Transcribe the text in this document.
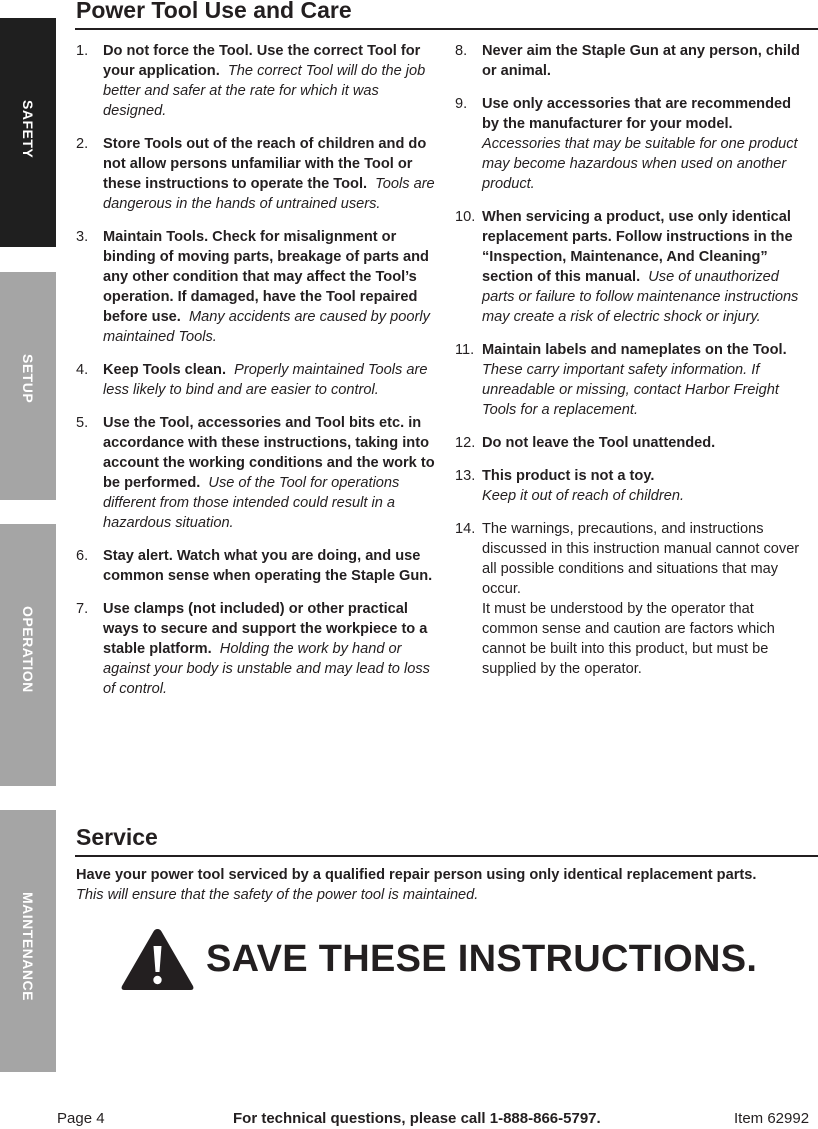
SAFETY
SETUP
OPERATION
MAINTENANCE
Power Tool Use and Care
1.	Do not force the Tool. Use the correct Tool for your application. The correct Tool will do the job better and safer at the rate for which it was designed.
2.	Store Tools out of the reach of children and do not allow persons unfamiliar with the Tool or these instructions to operate the Tool. Tools are dangerous in the hands of untrained users.
3.	Maintain Tools. Check for misalignment or binding of moving parts, breakage of parts and any other condition that may affect the Tool’s operation. If damaged, have the Tool repaired before use. Many accidents are caused by poorly maintained Tools.
4.	Keep Tools clean. Properly maintained Tools are less likely to bind and are easier to control.
5.	Use the Tool, accessories and Tool bits etc. in accordance with these instructions, taking into account the working conditions and the work to be performed. Use of the Tool for operations different from those intended could result in a hazardous situation.
6.	Stay alert. Watch what you are doing, and use common sense when operating the Staple Gun.
7.	Use clamps (not included) or other practical ways to secure and support the workpiece to a stable platform. Holding the work by hand or against your body is unstable and may lead to loss of control.
8.	Never aim the Staple Gun at any person, child or animal.
9.	Use only accessories that are recommended by the manufacturer for your model.  Accessories that may be suitable for one product may become hazardous when used on another product.
10. When servicing a product, use only identical replacement parts. Follow instructions in the “Inspection, Maintenance, And Cleaning” section of this manual. Use of unauthorized parts or failure to follow maintenance instructions may create a risk of electric shock or injury.
11. Maintain labels and nameplates on the Tool.
These carry important safety information. If unreadable or missing, contact Harbor Freight Tools for a replacement.
12. Do not leave the Tool unattended.
13. This product is not a toy.
Keep it out of reach of children.
14. The warnings, precautions, and instructions discussed in this instruction manual cannot cover all possible conditions and situations that may occur.
It must be understood by the operator that common sense and caution are factors which cannot be built into this product, but must be supplied by the operator.
Service
Have your power tool serviced by a qualified repair person using only identical replacement parts.  This will ensure that the safety of the power tool is maintained.
SAVE THESE INSTRUCTIONS.
Page 4	For technical questions, please call 1-888-866-5797.	Item 62992
